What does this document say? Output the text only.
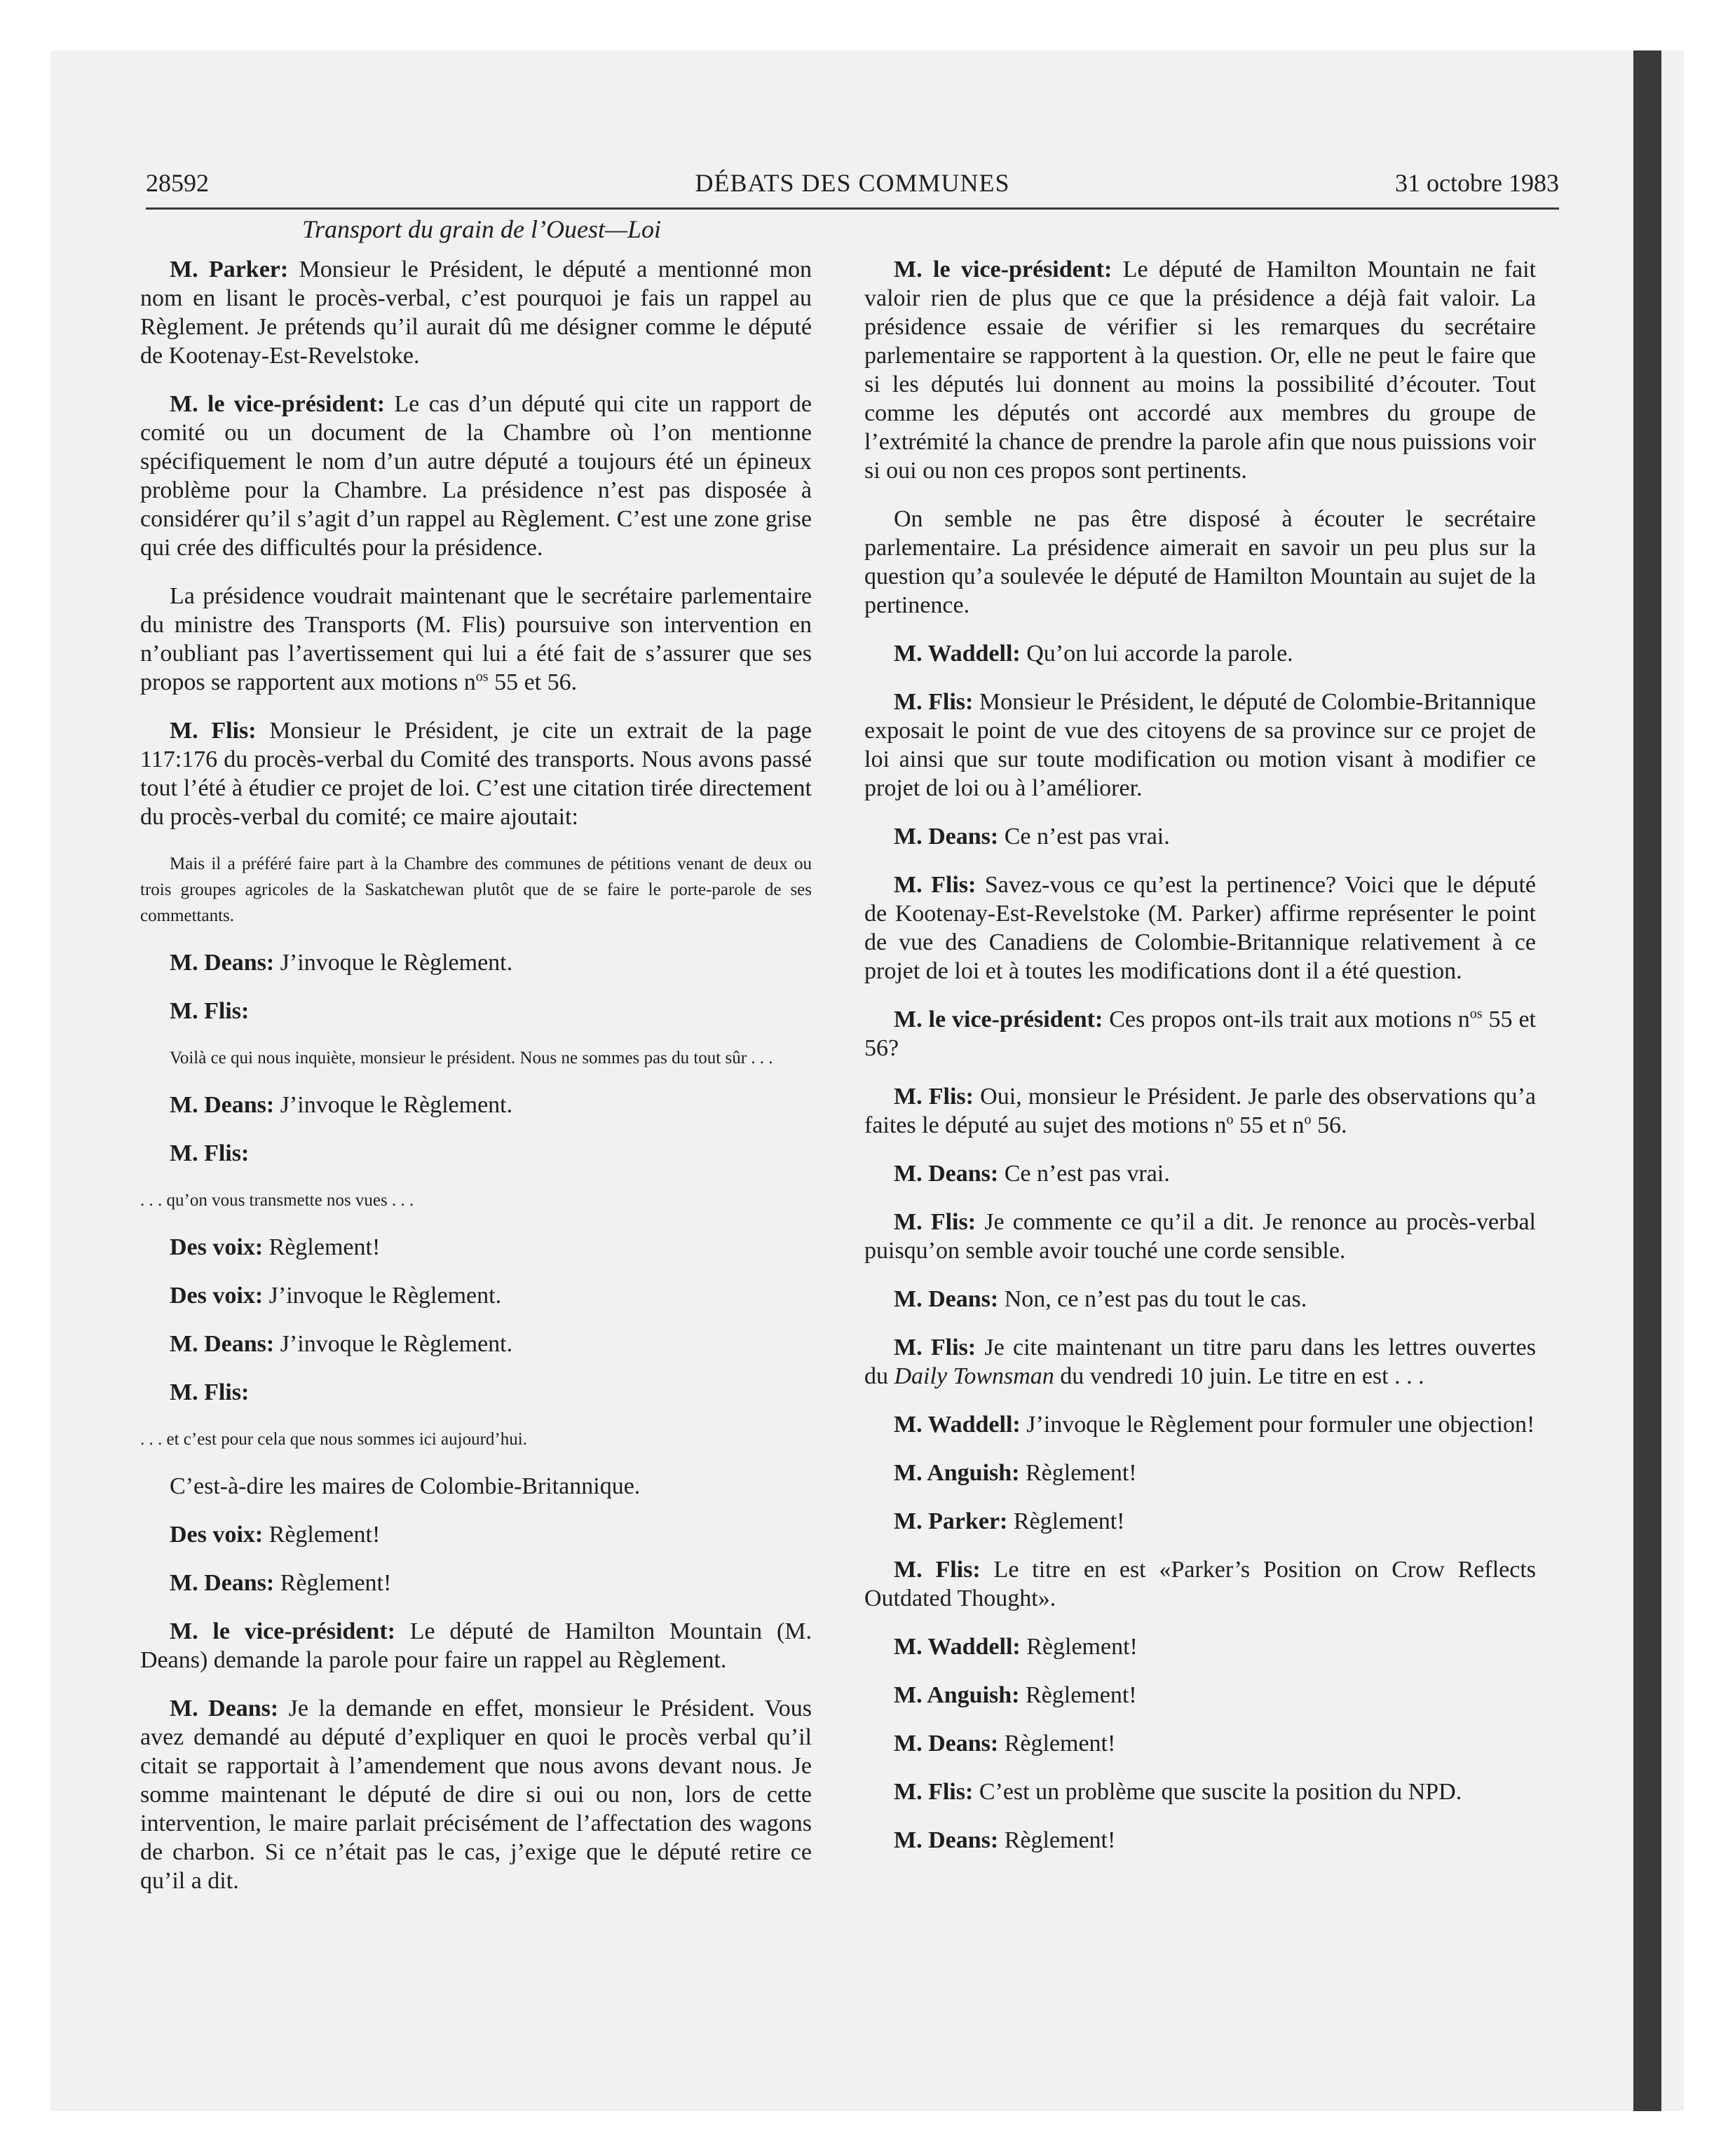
28592	DÉBATS DES COMMUNES	31 octobre 1983
Transport du grain de l’Ouest—Loi

M. Parker: Monsieur le Président, le député a mentionné mon nom en lisant le procès-verbal, c’est pourquoi je fais un rappel au Règlement. Je prétends qu’il aurait dû me désigner comme le député de Kootenay-Est-Revelstoke.

M. le vice-président: Le cas d’un député qui cite un rapport de comité ou un document de la Chambre où l’on mentionne spécifiquement le nom d’un autre député a toujours été un épineux problème pour la Chambre. La présidence n’est pas disposée à considérer qu’il s’agit d’un rappel au Règlement. C’est une zone grise qui crée des difficultés pour la présidence.

La présidence voudrait maintenant que le secrétaire parlementaire du ministre des Transports (M. Flis) poursuive son intervention en n’oubliant pas l’avertissement qui lui a été fait de s’assurer que ses propos se rapportent aux motions $n^{os}$ 55 et 56.

M. Flis: Monsieur le Président, je cite un extrait de la page 117:176 du procès-verbal du Comité des transports. Nous avons passé tout l’été à étudier ce projet de loi. C’est une citation tirée directement du procès-verbal du comité; ce maire ajoutait:

Mais il a préféré faire part à la Chambre des communes de pétitions venant de deux ou trois groupes agricoles de la Saskatchewan plutôt que de se faire le porte-parole de ses commettants.

M. Deans: J’invoque le Règlement.

M. Flis:

Voilà ce qui nous inquiète, monsieur le président. Nous ne sommes pas du tout sûr . . .

M. Deans: J’invoque le Règlement.

M. Flis:

. . . qu’on vous transmette nos vues . . .

Des voix: Règlement!

Des voix: J’invoque le Règlement.

M. Deans: J’invoque le Règlement.

M. Flis:

. . . et c’est pour cela que nous sommes ici aujourd’hui.

C’est-à-dire les maires de Colombie-Britannique.

Des voix: Règlement!

M. Deans: Règlement!

M. le vice-président: Le député de Hamilton Mountain (M. Deans) demande la parole pour faire un rappel au Règlement.

M. Deans: Je la demande en effet, monsieur le Président. Vous avez demandé au député d’expliquer en quoi le procès verbal qu’il citait se rapportait à l’amendement que nous avons devant nous. Je somme maintenant le député de dire si oui ou non, lors de cette intervention, le maire parlait précisément de l’affectation des wagons de charbon. Si ce n’était pas le cas, j’exige que le député retire ce qu’il a dit.

M. le vice-président: Le député de Hamilton Mountain ne fait valoir rien de plus que ce que la présidence a déjà fait valoir. La présidence essaie de vérifier si les remarques du secrétaire parlementaire se rapportent à la question. Or, elle ne peut le faire que si les députés lui donnent au moins la possibilité d’écouter. Tout comme les députés ont accordé aux membres du groupe de l’extrémité la chance de prendre la parole afin que nous puissions voir si oui ou non ces propos sont pertinents.

On semble ne pas être disposé à écouter le secrétaire parlementaire. La présidence aimerait en savoir un peu plus sur la question qu’a soulevée le député de Hamilton Mountain au sujet de la pertinence.

M. Waddell: Qu’on lui accorde la parole.

M. Flis: Monsieur le Président, le député de Colombie-Britannique exposait le point de vue des citoyens de sa province sur ce projet de loi ainsi que sur toute modification ou motion visant à modifier ce projet de loi ou à l’améliorer.

M. Deans: Ce n’est pas vrai.

M. Flis: Savez-vous ce qu’est la pertinence? Voici que le député de Kootenay-Est-Revelstoke (M. Parker) affirme représenter le point de vue des Canadiens de Colombie-Britannique relativement à ce projet de loi et à toutes les modifications dont il a été question.

M. le vice-président: Ces propos ont-ils trait aux motions $n^{os}$ 55 et 56?

M. Flis: Oui, monsieur le Président. Je parle des observations qu’a faites le député au sujet des motions $n^o$ 55 et $n^o$ 56.

M. Deans: Ce n’est pas vrai.

M. Flis: Je commente ce qu’il a dit. Je renonce au procès-verbal puisqu’on semble avoir touché une corde sensible.

M. Deans: Non, ce n’est pas du tout le cas.

M. Flis: Je cite maintenant un titre paru dans les lettres ouvertes du Daily Townsman du vendredi 10 juin. Le titre en est . . .

M. Waddell: J’invoque le Règlement pour formuler une objection!

M. Anguish: Règlement!

M. Parker: Règlement!

M. Flis: Le titre en est «Parker’s Position on Crow Reflects Outdated Thought».

M. Waddell: Règlement!

M. Anguish: Règlement!

M. Deans: Règlement!

M. Flis: C’est un problème que suscite la position du NPD.

M. Deans: Règlement!
